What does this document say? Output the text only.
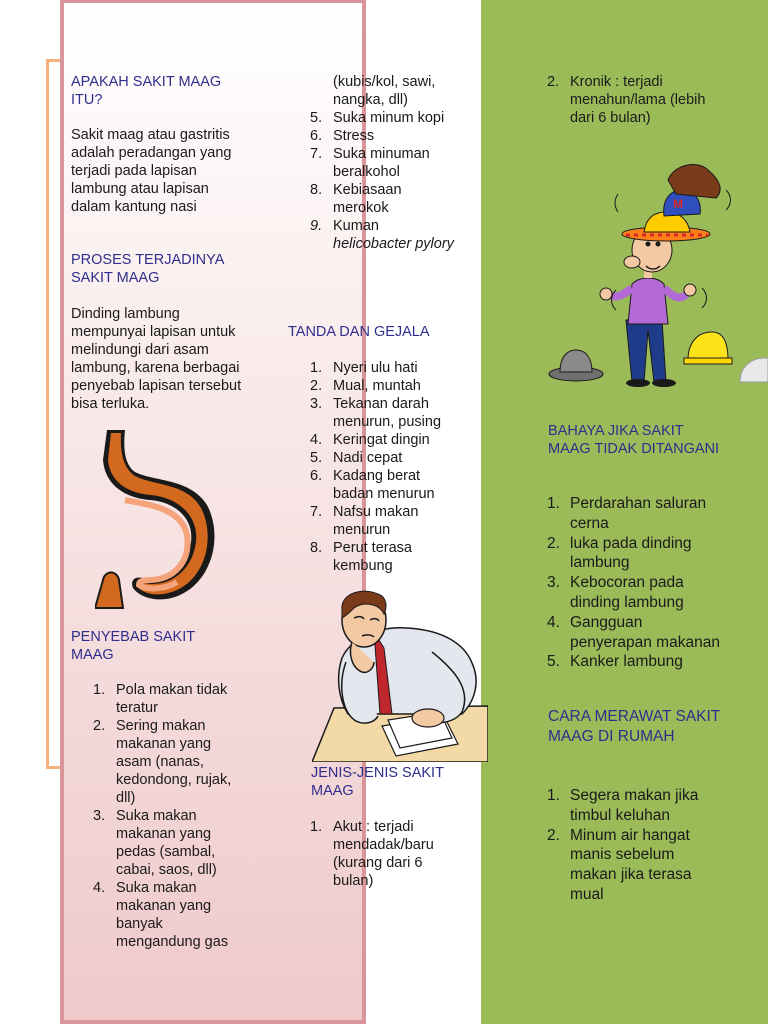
APAKAH SAKIT MAAG ITU?

Sakit maag atau gastritis adalah peradangan yang terjadi pada lapisan lambung atau lapisan dalam kantung nasi

PROSES TERJADINYA SAKIT MAAG

Dinding lambung mempunyai lapisan untuk melindungi dari asam lambung, karena berbagai penyebab lapisan tersebut bisa terluka.

PENYEBAB SAKIT MAAG
1. Pola makan tidak teratur
2. Sering makan makanan yang asam (nanas, kedondong, rujak, dll)
3. Suka makan makanan yang pedas (sambal, cabai, saos, dll)
4. Suka makan makanan yang banyak mengandung gas
(kubis/kol, sawi, nangka, dll)
5. Suka minum kopi
6. Stress
7. Suka minuman beralkohol
8. Kebiasaan merokok
9. Kuman helicobacter pylory
TANDA DAN GEJALA
1. Nyeri ulu hati
2. Mual, muntah
3. Tekanan darah menurun, pusing
4. Keringat dingin
5. Nadi cepat
6. Kadang berat badan menurun
7. Nafsu makan menurun
8. Perut terasa kembung
JENIS-JENIS SAKIT MAAG
1. Akut : terjadi mendadak/baru (kurang dari 6 bulan)
2. Kronik : terjadi menahun/lama (lebih dari 6 bulan)
M
BAHAYA JIKA SAKIT MAAG TIDAK DITANGANI
1. Perdarahan saluran cerna
2. luka pada dinding lambung
3. Kebocoran pada dinding lambung
4. Gangguan penyerapan makanan
5. Kanker lambung
CARA MERAWAT SAKIT MAAG DI RUMAH
1. Segera makan jika timbul keluhan
2. Minum air hangat manis sebelum makan jika terasa mual
